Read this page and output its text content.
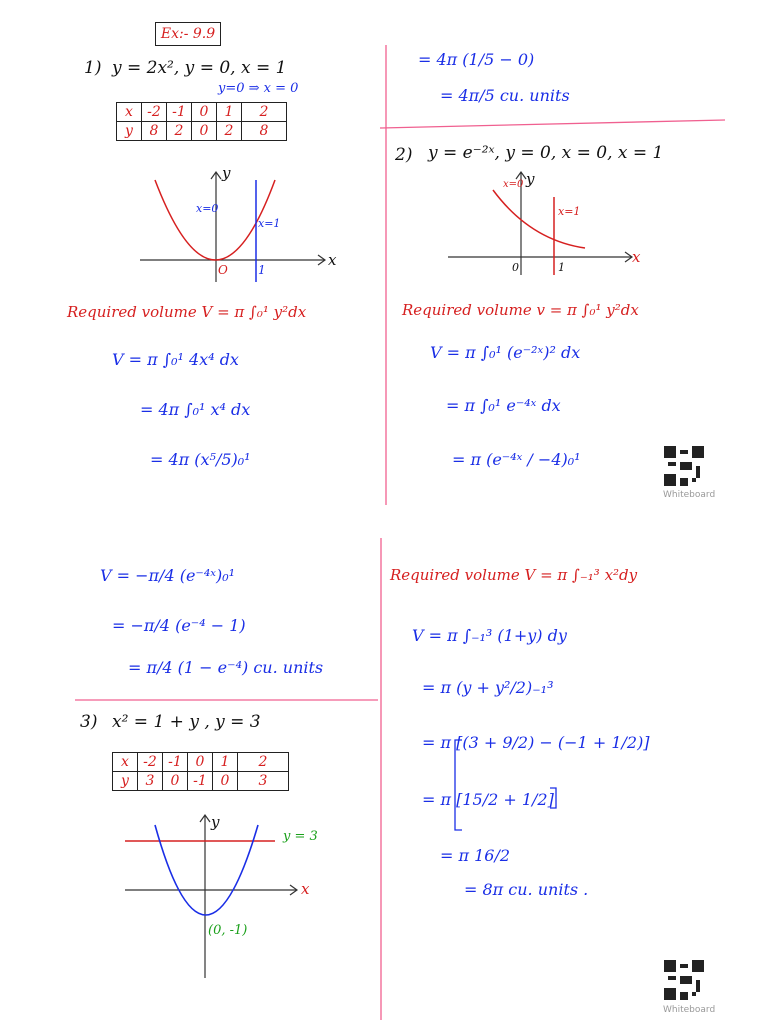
Ex:- 9.9
1) y = 2x², y = 0, x = 1
y=0 ⇒ x = 0
x	-2	-1	0	1	2
y	8	2	0	2	8
y
x
x=0
x=1
O	1
Required volume V = π ∫₀¹ y²dx
V = π ∫₀¹ 4x⁴ dx
= 4π ∫₀¹ x⁴ dx
= 4π (x⁵/5)₀¹
= 4π (1/5 − 0)
= 4π/5 cu. units
2) y = e⁻²ˣ, y = 0, x = 0, x = 1
y
x
x=0
x=1
0	1
Required volume v = π ∫₀¹ y²dx
V = π ∫₀¹ (e⁻²ˣ)² dx
= π ∫₀¹ e⁻⁴ˣ dx
= π (e⁻⁴ˣ / −4)₀¹
Whiteboard
V = −π/4 (e⁻⁴ˣ)₀¹
= −π/4 (e⁻⁴ − 1)
= π/4 (1 − e⁻⁴) cu. units
3) x² = 1 + y , y = 3
x	-2	-1	0	1	2
y	3	0	-1	0	3
y
x
y = 3
(0, -1)
Required volume V = π ∫₋₁³ x²dy
V = π ∫₋₁³ (1+y) dy
= π (y + y²/2)₋₁³
= π [(3 + 9/2) − (−1 + 1/2)]
= π [15/2 + 1/2]
= π 16/2
= 8π cu. units .
Whiteboard
